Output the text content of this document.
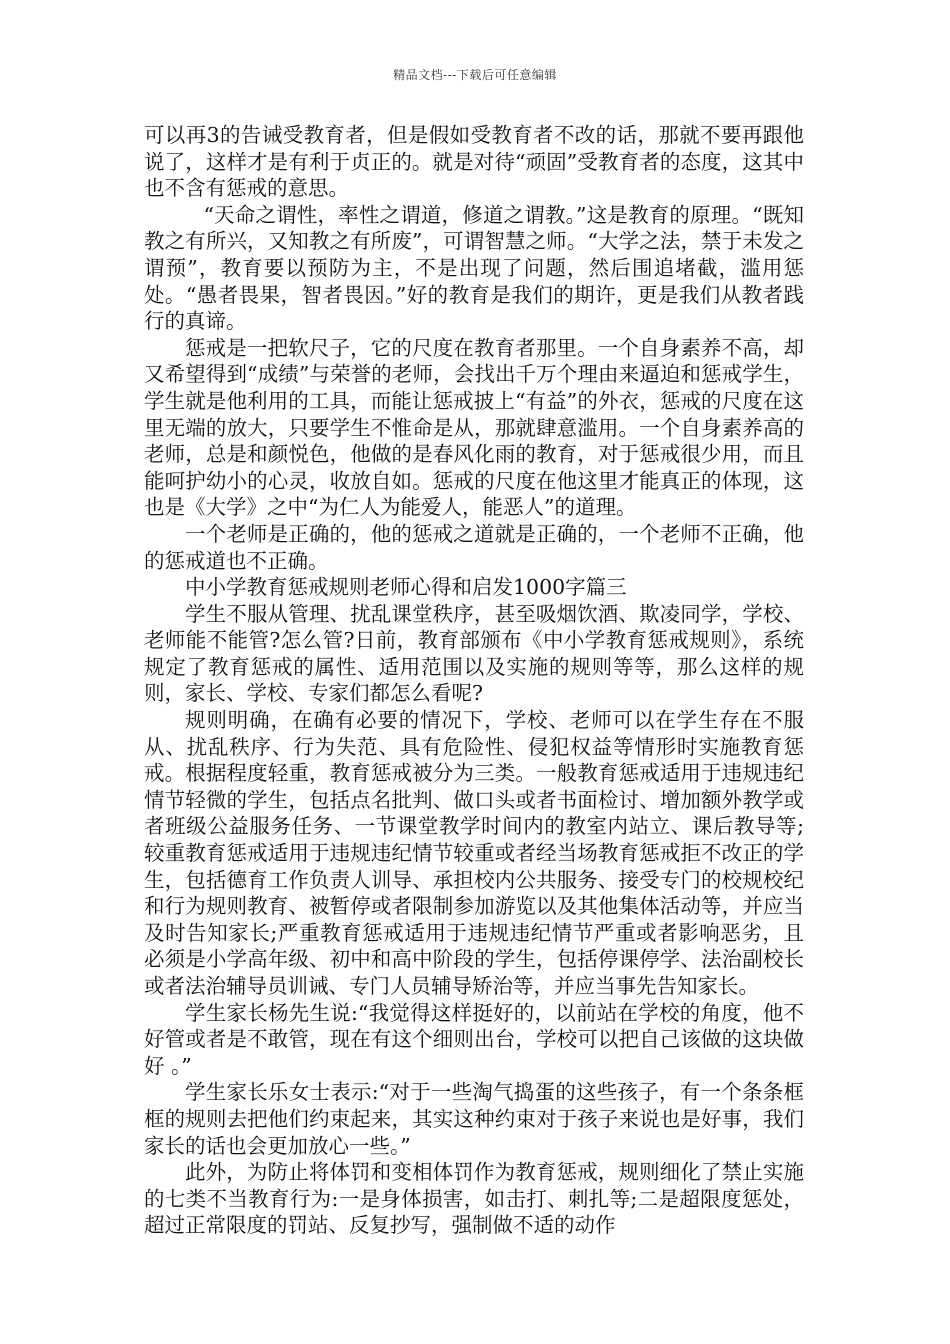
精品文档---下载后可任意编辑

可以再3的告诫受教育者，但是假如受教育者不改的话，那就不要再跟他说了，这样才是有利于贞正的。就是对待“顽固”受教育者的态度，这其中也不含有惩戒的意思。

“天命之谓性，率性之谓道，修道之谓教。”这是教育的原理。“既知教之有所兴，又知教之有所废”，可谓智慧之师。“大学之法，禁于未发之谓预”，教育要以预防为主，不是出现了问题，然后围追堵截，滥用惩处。“愚者畏果，智者畏因。”好的教育是我们的期许，更是我们从教者践行的真谛。

惩戒是一把软尺子，它的尺度在教育者那里。一个自身素养不高，却又希望得到“成绩”与荣誉的老师，会找出千万个理由来逼迫和惩戒学生，学生就是他利用的工具，而能让惩戒披上“有益”的外衣，惩戒的尺度在这里无端的放大，只要学生不惟命是从，那就肆意滥用。一个自身素养高的老师，总是和颜悦色，他做的是春风化雨的教育，对于惩戒很少用，而且能呵护幼小的心灵，收放自如。惩戒的尺度在他这里才能真正的体现，这也是《大学》之中“为仁人为能爱人，能恶人”的道理。

一个老师是正确的，他的惩戒之道就是正确的，一个老师不正确，他的惩戒道也不正确。

中小学教育惩戒规则老师心得和启发1000字篇三

学生不服从管理、扰乱课堂秩序，甚至吸烟饮酒、欺凌同学，学校、老师能不能管?怎么管?日前，教育部颁布《中小学教育惩戒规则》，系统规定了教育惩戒的属性、适用范围以及实施的规则等等，那么这样的规则，家长、学校、专家们都怎么看呢?

规则明确，在确有必要的情况下，学校、老师可以在学生存在不服从、扰乱秩序、行为失范、具有危险性、侵犯权益等情形时实施教育惩戒。根据程度轻重，教育惩戒被分为三类。一般教育惩戒适用于违规违纪情节轻微的学生，包括点名批判、做口头或者书面检讨、增加额外教学或者班级公益服务任务、一节课堂教学时间内的教室内站立、课后教导等;较重教育惩戒适用于违规违纪情节较重或者经当场教育惩戒拒不改正的学生，包括德育工作负责人训导、承担校内公共服务、接受专门的校规校纪和行为规则教育、被暂停或者限制参加游览以及其他集体活动等，并应当及时告知家长;严重教育惩戒适用于违规违纪情节严重或者影响恶劣，且必须是小学高年级、初中和高中阶段的学生，包括停课停学、法治副校长或者法治辅导员训诫、专门人员辅导矫治等，并应当事先告知家长。

学生家长杨先生说:“我觉得这样挺好的，以前站在学校的角度，他不好管或者是不敢管，现在有这个细则出台，学校可以把自己该做的这块做好 。”

学生家长乐女士表示:“对于一些淘气捣蛋的这些孩子，有一个条条框框的规则去把他们约束起来，其实这种约束对于孩子来说也是好事，我们家长的话也会更加放心一些。”

此外，为防止将体罚和变相体罚作为教育惩戒，规则细化了禁止实施的七类不当教育行为:一是身体损害，如击打、刺扎等;二是超限度惩处，超过正常限度的罚站、反复抄写，强制做不适的动作
